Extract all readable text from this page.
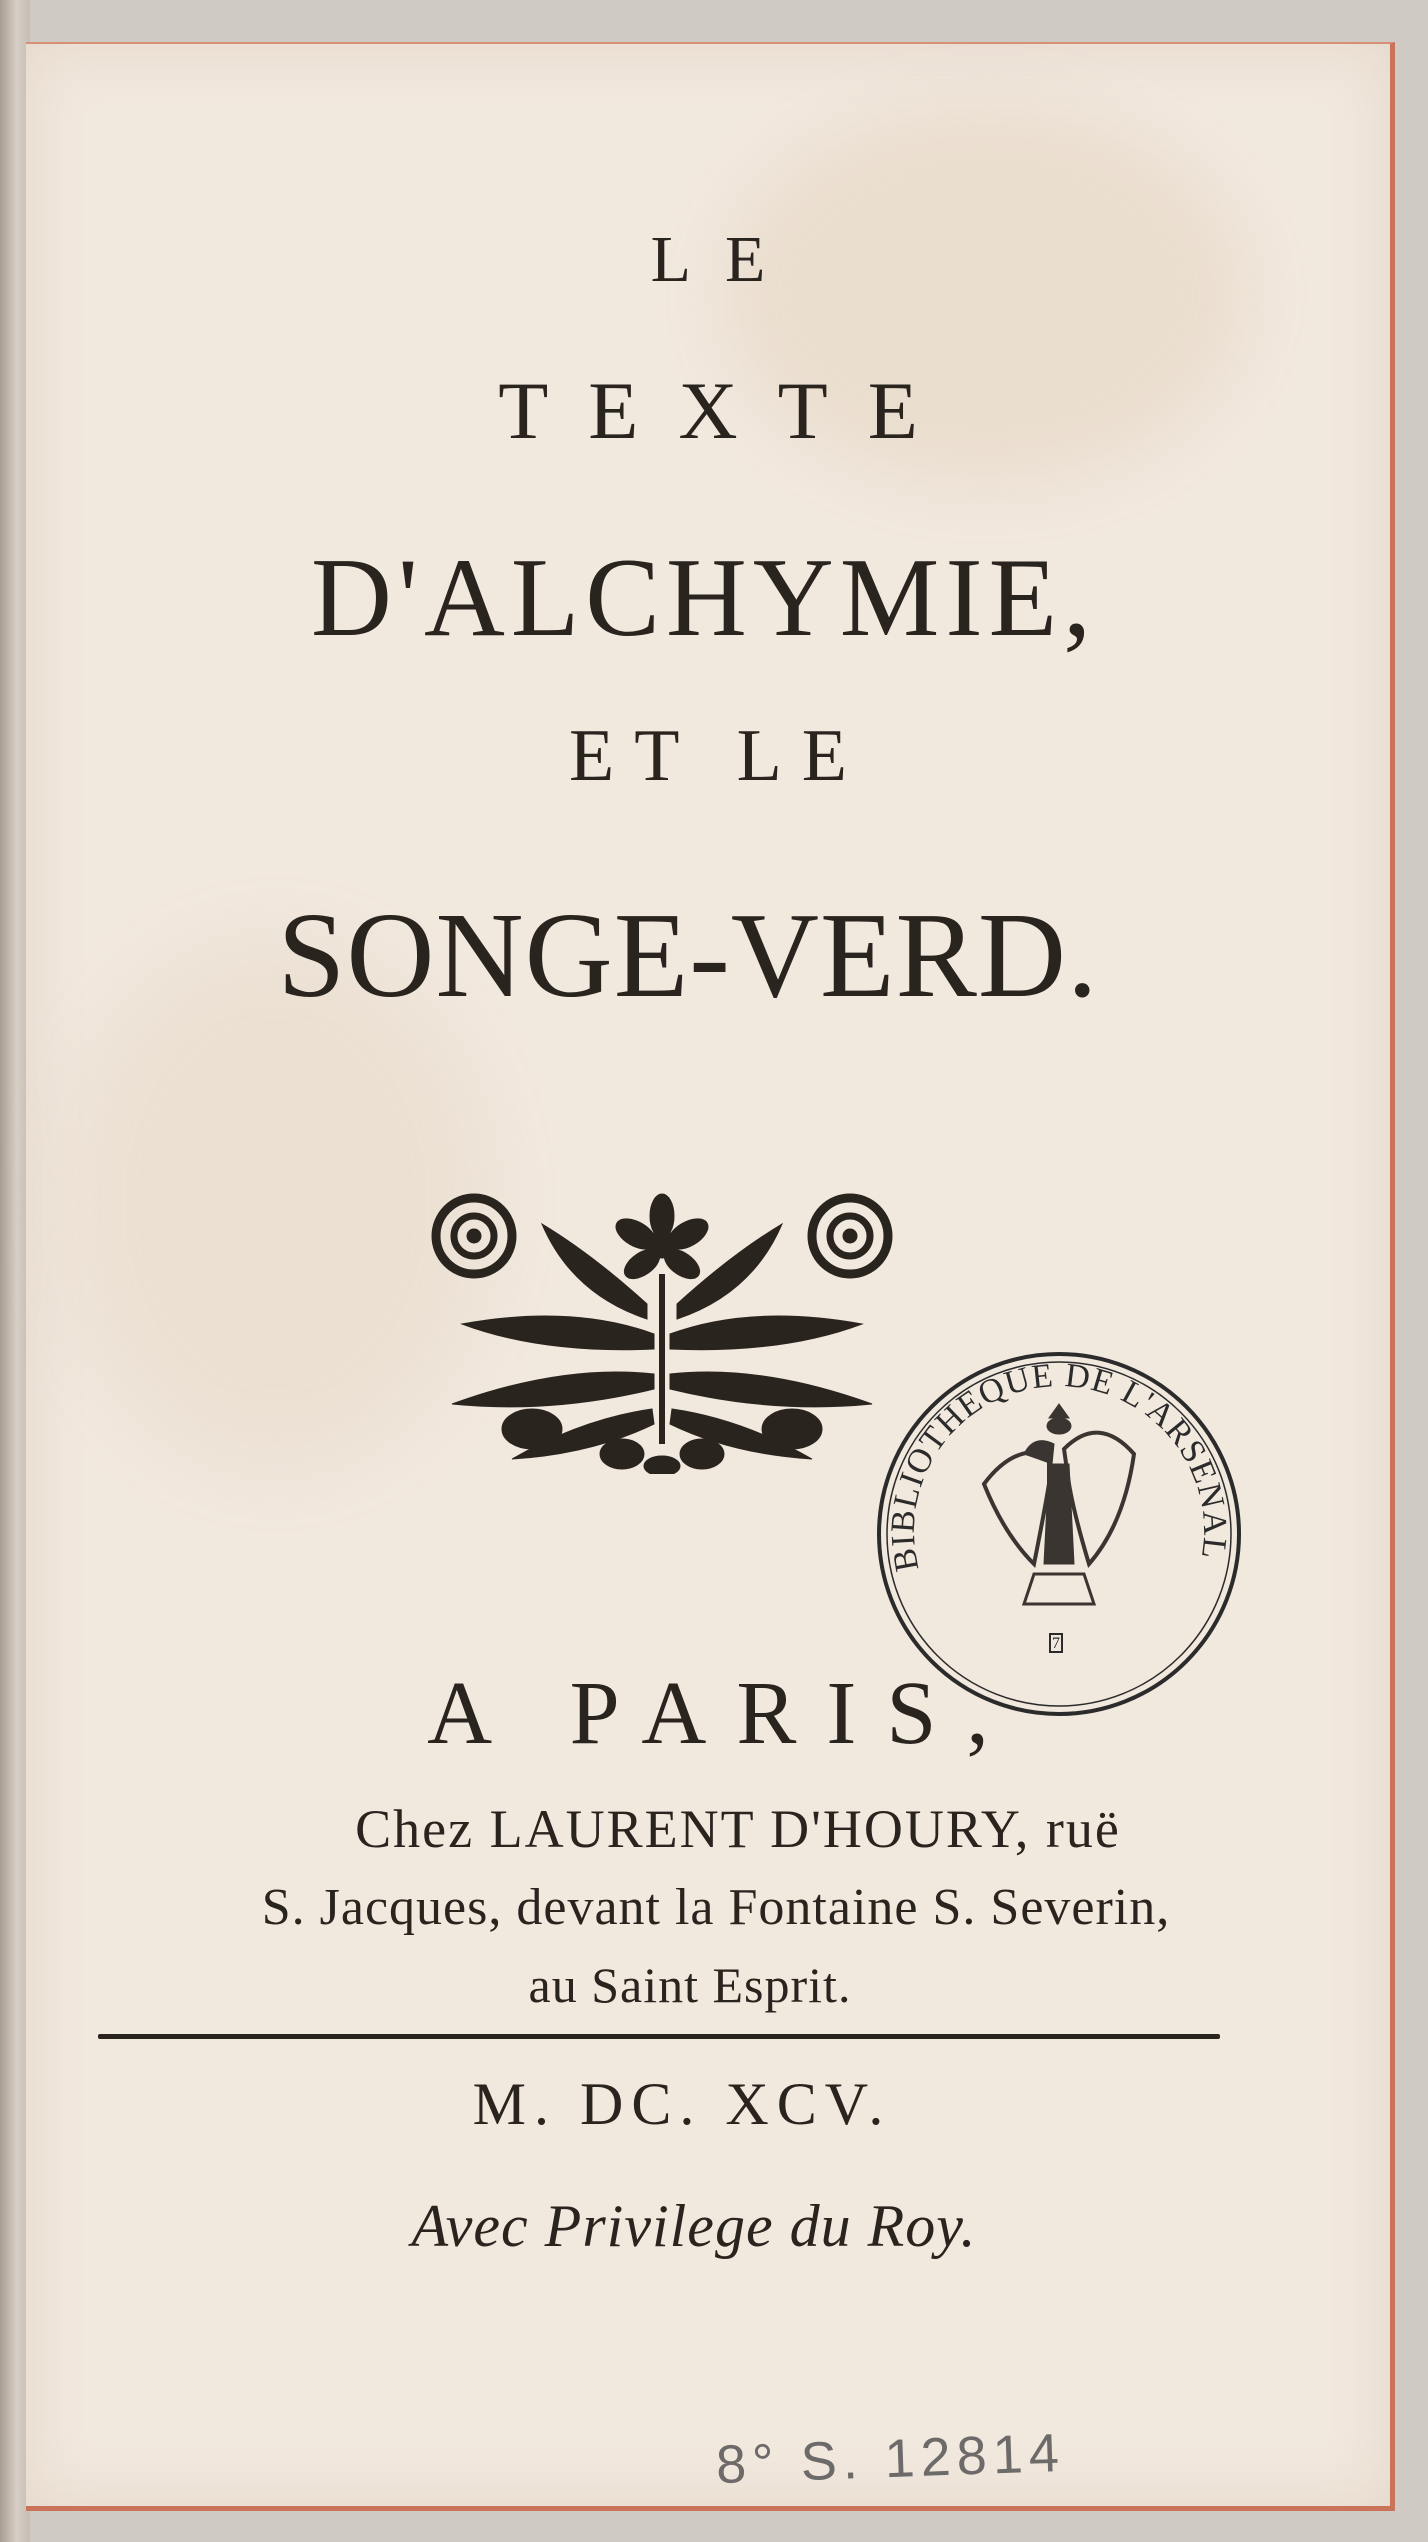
LE
TEXTE
D'ALCHYMIE,
ET LE
SONGE-VERD.
BIBLIOTHEQUE DE L'ARSENAL
7
A PARIS,
Chez LAURENT D'HOURY, ruë
S. Jacques, devant la Fontaine S. Severin,
au Saint Esprit.
M. DC. XCV.
Avec Privilege du Roy.
8° S. 12814
